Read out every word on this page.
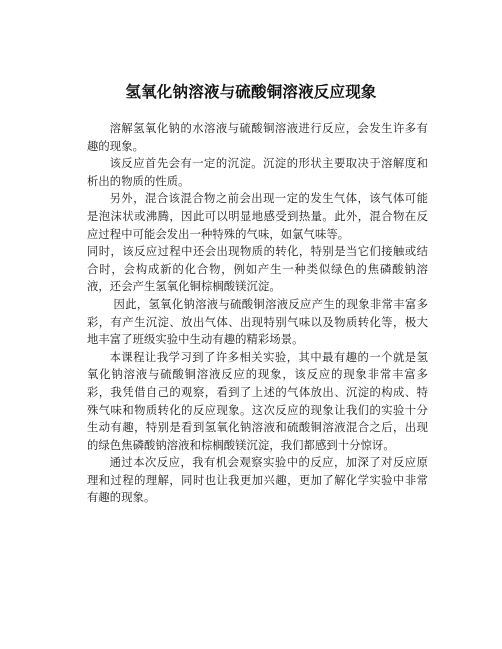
氢氧化钠溶液与硫酸铜溶液反应现象

溶解氢氧化钠的水溶液与硫酸铜溶液进行反应，会发生许多有趣的现象。

该反应首先会有一定的沉淀。沉淀的形状主要取决于溶解度和析出的物质的性质。

另外，混合该混合物之前会出现一定的发生气体，该气体可能是泡沫状或沸腾，因此可以明显地感受到热量。此外，混合物在反应过程中可能会发出一种特殊的气味，如氯气味等。

同时，该反应过程中还会出现物质的转化，特别是当它们接触或结合时，会构成新的化合物，例如产生一种类似绿色的焦磷酸钠溶液，还会产生氢氧化铜棕榈酸镁沉淀。

因此，氢氧化钠溶液与硫酸铜溶液反应产生的现象非常丰富多彩，有产生沉淀、放出气体、出现特别气味以及物质转化等，极大地丰富了班级实验中生动有趣的精彩场景。

本课程让我学习到了许多相关实验，其中最有趣的一个就是氢氧化钠溶液与硫酸铜溶液反应的现象，该反应的现象非常丰富多彩，我凭借自己的观察，看到了上述的气体放出、沉淀的构成、特殊气味和物质转化的反应现象。这次反应的现象让我们的实验十分生动有趣，特别是看到氢氧化钠溶液和硫酸铜溶液混合之后，出现的绿色焦磷酸钠溶液和棕榈酸镁沉淀，我们都感到十分惊讶。

通过本次反应，我有机会观察实验中的反应，加深了对反应原理和过程的理解，同时也让我更加兴趣，更加了解化学实验中非常有趣的现象。
